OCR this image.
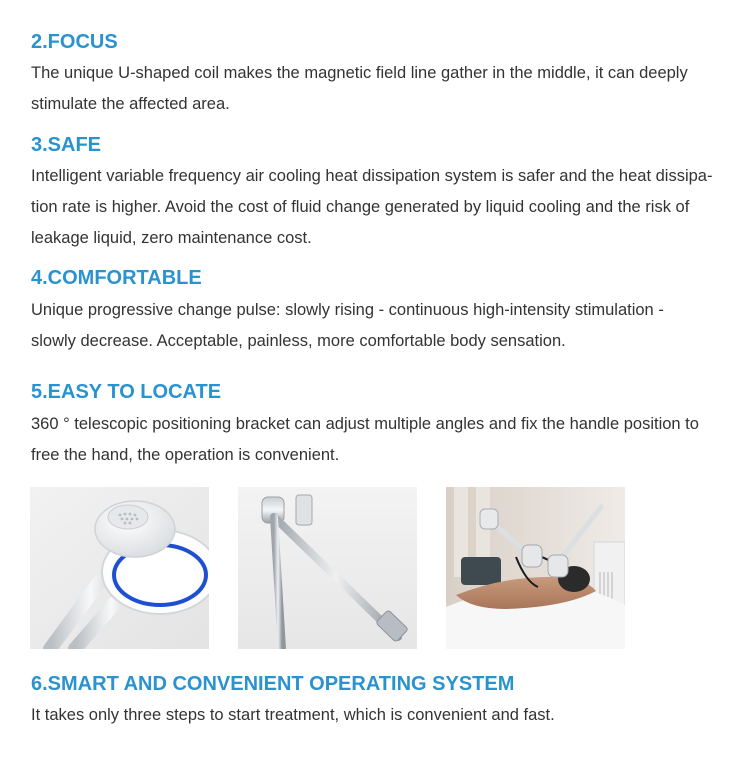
2.FOCUS

The unique U-shaped coil makes the magnetic field line gather in the middle, it can deeply
stimulate the affected area.

3.SAFE

Intelligent variable frequency air cooling heat dissipation system is safer and the heat dissipa-
tion rate is higher. Avoid the cost of fluid change generated by liquid cooling and the risk of
leakage liquid, zero maintenance cost.

4.COMFORTABLE

Unique progressive change pulse: slowly rising - continuous high-intensity stimulation -
slowly decrease. Acceptable, painless, more comfortable body sensation.

5.EASY TO LOCATE

360 ° telescopic positioning bracket can adjust multiple angles and fix the handle position to
free the hand, the operation is convenient.

6.SMART AND CONVENIENT OPERATING SYSTEM

It takes only three steps to start treatment, which is convenient and fast.
